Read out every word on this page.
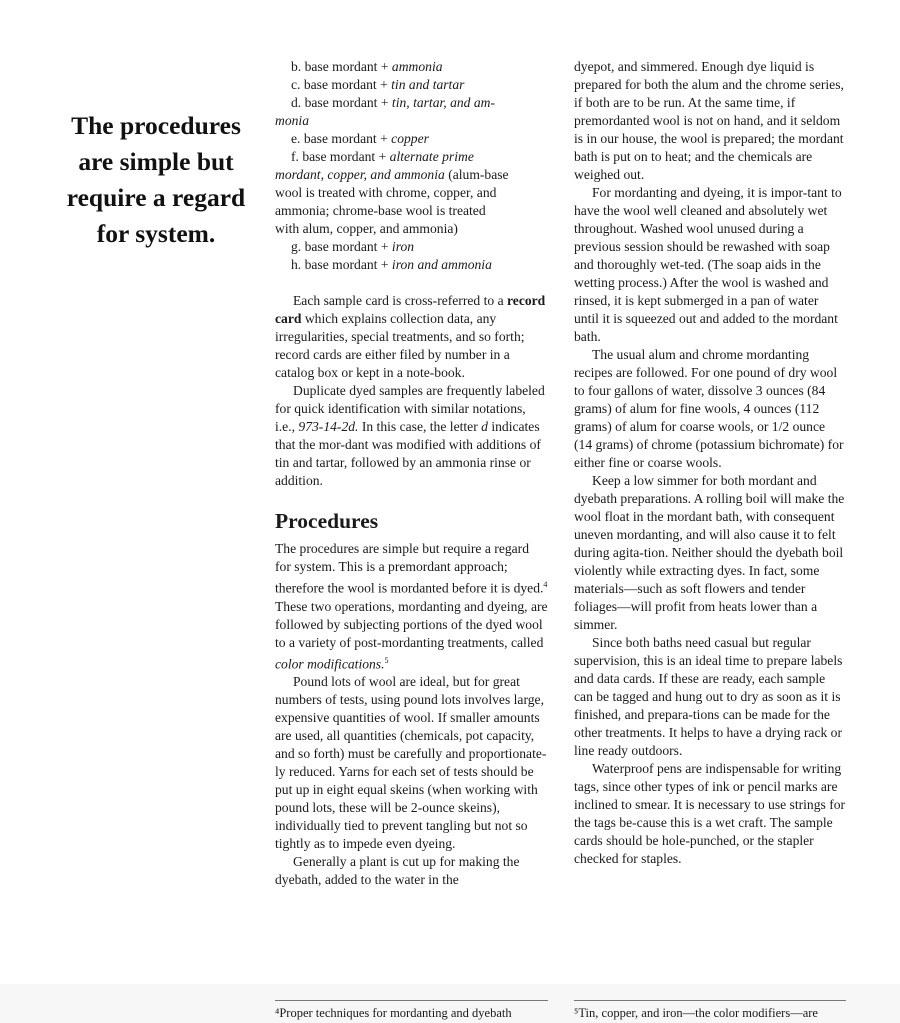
The procedures
are simple but
require a regard
for system.
b. base mordant + ammonia
c. base mordant + tin and tartar
d. base mordant + tin, tartar, and am-
monia
e. base mordant + copper
f. base mordant + alternate prime
mordant, copper, and ammonia (alum-base
wool is treated with chrome, copper, and
ammonia; chrome-base wool is treated
with alum, copper, and ammonia)
g. base mordant + iron
h. base mordant + iron and ammonia

Each sample card is cross-referred to a record card which explains collection data, any irregularities, special treatments, and so forth; record cards are either filed by number in a catalog box or kept in a note-book.

Duplicate dyed samples are frequently labeled for quick identification with similar notations, i.e., 973-14-2d. In this case, the letter d indicates that the mor-dant was modified with additions of tin and tartar, followed by an ammonia rinse or addition.

Procedures

The procedures are simple but require a regard for system. This is a premordant approach; therefore the wool is mordanted before it is dyed.$^4$ These two operations, mordanting and dyeing, are followed by subjecting portions of the dyed wool to a variety of post-mordanting treatments, called color modifications.$^5$

Pound lots of wool are ideal, but for great numbers of tests, using pound lots involves large, expensive quantities of wool. If smaller amounts are used, all quantities (chemicals, pot capacity, and so forth) must be carefully and proportionate-ly reduced. Yarns for each set of tests should be put up in eight equal skeins (when working with pound lots, these will be 2-ounce skeins), individually tied to prevent tangling but not so tightly as to impede even dyeing.

Generally a plant is cut up for making the dyebath, added to the water in the

dyepot, and simmered. Enough dye liquid is prepared for both the alum and the chrome series, if both are to be run. At the same time, if premordanted wool is not on hand, and it seldom is in our house, the wool is prepared; the mordant bath is put on to heat; and the chemicals are weighed out.

For mordanting and dyeing, it is impor-tant to have the wool well cleaned and absolutely wet throughout. Washed wool unused during a previous session should be rewashed with soap and thoroughly wet-ted. (The soap aids in the wetting process.) After the wool is washed and rinsed, it is kept submerged in a pan of water until it is squeezed out and added to the mordant bath.

The usual alum and chrome mordanting recipes are followed. For one pound of dry wool to four gallons of water, dissolve 3 ounces (84 grams) of alum for fine wools, 4 ounces (112 grams) of alum for coarse wools, or 1/2 ounce (14 grams) of chrome (potassium bichromate) for either fine or coarse wools.

Keep a low simmer for both mordant and dyebath preparations. A rolling boil will make the wool float in the mordant bath, with consequent uneven mordanting, and will also cause it to felt during agita-tion. Neither should the dyebath boil violently while extracting dyes. In fact, some materials—such as soft flowers and tender foliages—will profit from heats lower than a simmer.

Since both baths need casual but regular supervision, this is an ideal time to prepare labels and data cards. If these are ready, each sample can be tagged and hung out to dry as soon as it is finished, and prepara-tions can be made for the other treatments. It helps to have a drying rack or line ready outdoors.

Waterproof pens are indispensable for writing tags, since other types of ink or pencil marks are inclined to smear. It is necessary to use strings for the tags be-cause this is a wet craft. The sample cards should be hole-punched, or the stapler checked for staples.

⁴Proper techniques for mordanting and dyebath	⁵Tin, copper, and iron—the color modifiers—are
